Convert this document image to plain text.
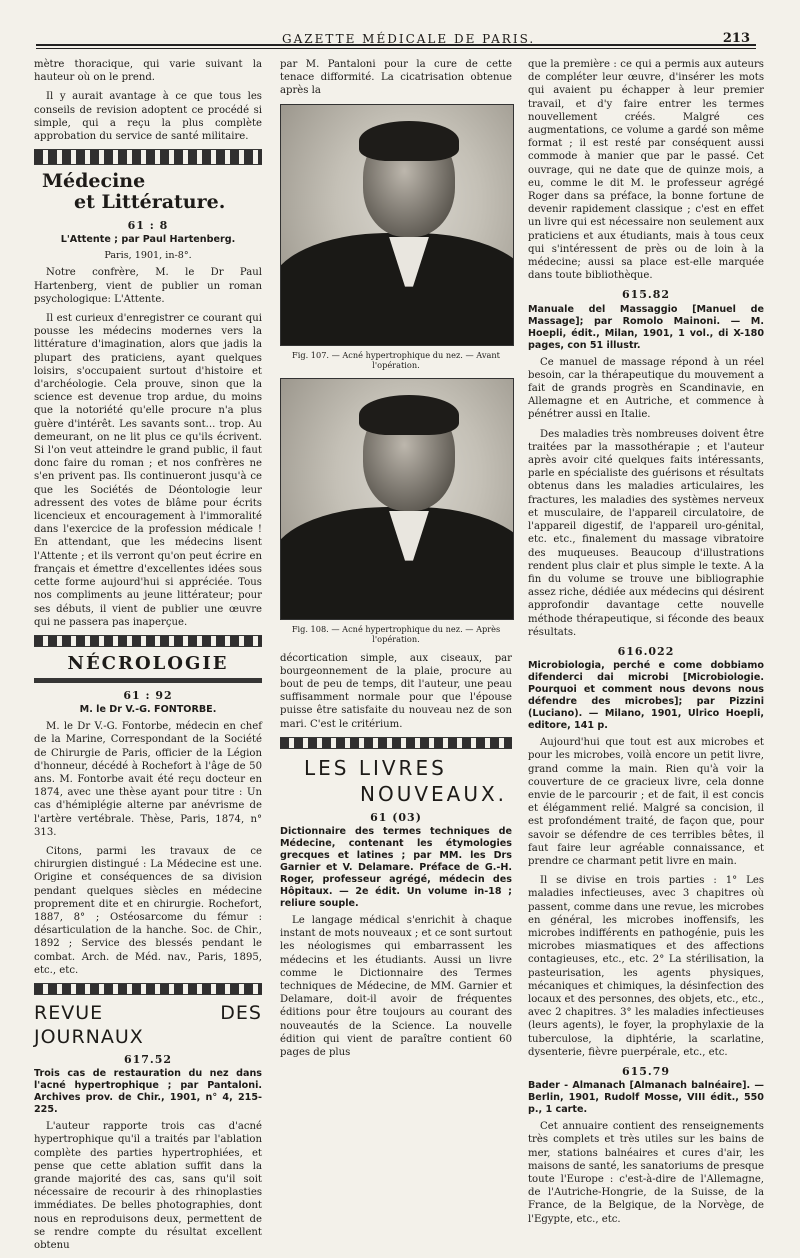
GAZETTE MÉDICALE DE PARIS.	213

mètre thoracique, qui varie suivant la hauteur où on le prend.

Il y aurait avantage à ce que tous les conseils de revision adoptent ce procédé si simple, qui a reçu la plus complète approbation du service de santé militaire.

Médecine
et Littérature.
61 : 8
L'Attente ; par Paul Hartenberg.
Paris, 1901, in-8°.

Notre confrère, M. le Dr Paul Hartenberg, vient de publier un roman psychologique: L'Attente.

Il est curieux d'enregistrer ce courant qui pousse les médecins modernes vers la littérature d'imagination, alors que jadis la plupart des praticiens, ayant quelques loisirs, s'occupaient surtout d'histoire et d'archéologie. Cela prouve, sinon que la science est devenue trop ardue, du moins que la notoriété qu'elle procure n'a plus guère d'intérêt. Les savants sont... trop. Au demeurant, on ne lit plus ce qu'ils écrivent. Si l'on veut atteindre le grand public, il faut donc faire du roman ; et nos confrères ne s'en privent pas. Ils continueront jusqu'à ce que les Sociétés de Déontologie leur adressent des votes de blâme pour écrits licencieux et encouragement à l'immoralité dans l'exercice de la profession médicale ! En attendant, que les médecins lisent l'Attente ; et ils verront qu'on peut écrire en français et émettre d'excellentes idées sous cette forme aujourd'hui si appréciée. Tous nos compliments au jeune littérateur; pour ses débuts, il vient de publier une œuvre qui ne passera pas inaperçue.

NÉCROLOGIE
61 : 92
M. le Dr V.-G. FONTORBE.

M. le Dr V.-G. Fontorbe, médecin en chef de la Marine, Correspondant de la Société de Chirurgie de Paris, officier de la Légion d'honneur, décédé à Rochefort à l'âge de 50 ans. M. Fontorbe avait été reçu docteur en 1874, avec une thèse ayant pour titre : Un cas d'hémiplégie alterne par anévrisme de l'artère vertébrale. Thèse, Paris, 1874, n° 313.

Citons, parmi les travaux de ce chirurgien distingué : La Médecine est une. Origine et conséquences de sa division pendant quelques siècles en médecine proprement dite et en chirurgie. Rochefort, 1887, 8° ; Ostéosarcome du fémur : désarticulation de la hanche. Soc. de Chir., 1892 ; Service des blessés pendant le combat. Arch. de Méd. nav., Paris, 1895, etc., etc.

REVUE DES JOURNAUX
617.52
Trois cas de restauration du nez dans l'acné hypertrophique ; par Pantaloni. Archives prov. de Chir., 1901, n° 4, 215-225.

L'auteur rapporte trois cas d'acné hypertrophique qu'il a traités par l'ablation complète des parties hypertrophiées, et pense que cette ablation suffit dans la grande majorité des cas, sans qu'il soit nécessaire de recourir à des rhinoplasties immédiates. De belles photographies, dont nous en reproduisons deux, permettent de se rendre compte du résultat excellent obtenu

par M. Pantaloni pour la cure de cette tenace difformité. La cicatrisation obtenue après la

Fig. 107. — Acné hypertrophique du nez. — Avant l'opération.
Fig. 108. — Acné hypertrophique du nez. — Après l'opération.

décortication simple, aux ciseaux, par bourgeonnement de la plaie, procure au bout de peu de temps, dit l'auteur, une peau suffisamment normale pour que l'épouse puisse être satisfaite du nouveau nez de son mari. C'est le critérium.

LES LIVRES
NOUVEAUX.
61 (03)
Dictionnaire des termes techniques de Médecine, contenant les étymologies grecques et latines ; par MM. les Drs Garnier et V. Delamare. Préface de G.-H. Roger, professeur agrégé, médecin des Hôpitaux. — 2e édit. Un volume in-18 ; reliure souple.

Le langage médical s'enrichit à chaque instant de mots nouveaux ; et ce sont surtout les néologismes qui embarrassent les médecins et les étudiants. Aussi un livre comme le Dictionnaire des Termes techniques de Médecine, de MM. Garnier et Delamare, doit-il avoir de fréquentes éditions pour être toujours au courant des nouveautés de la Science. La nouvelle édition qui vient de paraître contient 60 pages de plus

que la première : ce qui a permis aux auteurs de compléter leur œuvre, d'insérer les mots qui avaient pu échapper à leur premier travail, et d'y faire entrer les termes nouvellement créés. Malgré ces augmentations, ce volume a gardé son même format ; il est resté par conséquent aussi commode à manier que par le passé. Cet ouvrage, qui ne date que de quinze mois, a eu, comme le dit M. le professeur agrégé Roger dans sa préface, la bonne fortune de devenir rapidement classique ; c'est en effet un livre qui est nécessaire non seulement aux praticiens et aux étudiants, mais à tous ceux qui s'intéressent de près ou de loin à la médecine; aussi sa place est-elle marquée dans toute bibliothèque.

615.82
Manuale del Massaggio [Manuel de Massage]; par Romolo Mainoni. — M. Hoepli, édit., Milan, 1901, 1 vol., di X-180 pages, con 51 illustr.

Ce manuel de massage répond à un réel besoin, car la thérapeutique du mouvement a fait de grands progrès en Scandinavie, en Allemagne et en Autriche, et commence à pénétrer aussi en Italie.

Des maladies très nombreuses doivent être traitées par la massothérapie ; et l'auteur après avoir cité quelques faits intéressants, parle en spécialiste des guérisons et résultats obtenus dans les maladies articulaires, les fractures, les maladies des systèmes nerveux et musculaire, de l'appareil circulatoire, de l'appareil digestif, de l'appareil uro-génital, etc. etc., finalement du massage vibratoire des muqueuses. Beaucoup d'illustrations rendent plus clair et plus simple le texte. A la fin du volume se trouve une bibliographie assez riche, dédiée aux médecins qui désirent approfondir davantage cette nouvelle méthode thérapeutique, si féconde des beaux résultats.

616.022
Microbiologia, perché e come dobbiamo difenderci dai microbi [Microbiologie. Pourquoi et comment nous devons nous défendre des microbes]; par Pizzini (Luciano). — Milano, 1901, Ulrico Hoepli, editore, 141 p.

Aujourd'hui que tout est aux microbes et pour les microbes, voilà encore un petit livre, grand comme la main. Rien qu'à voir la couverture de ce gracieux livre, cela donne envie de le parcourir ; et de fait, il est concis et élégamment relié. Malgré sa concision, il est profondément traité, de façon que, pour savoir se défendre de ces terribles bêtes, il faut faire leur agréable connaissance, et prendre ce charmant petit livre en main.

Il se divise en trois parties : 1° Les maladies infectieuses, avec 3 chapitres où passent, comme dans une revue, les microbes en général, les microbes inoffensifs, les microbes indifférents en pathogénie, puis les microbes miasmatiques et des affections contagieuses, etc., etc. 2° La stérilisation, la pasteurisation, les agents physiques, mécaniques et chimiques, la désinfection des locaux et des personnes, des objets, etc., etc., avec 2 chapitres. 3° les maladies infectieuses (leurs agents), le foyer, la prophylaxie de la tuberculose, la diphtérie, la scarlatine, dysenterie, fièvre puerpérale, etc., etc.

615.79
Bader - Almanach [Almanach balnéaire]. — Berlin, 1901, Rudolf Mosse, VIII édit., 550 p., 1 carte.

Cet annuaire contient des renseignements très complets et très utiles sur les bains de mer, stations balnéaires et cures d'air, les maisons de santé, les sanatoriums de presque toute l'Europe : c'est-à-dire de l'Allemagne, de l'Autriche-Hongrie, de la Suisse, de la France, de la Belgique, de la Norvège, de l'Egypte, etc., etc.
